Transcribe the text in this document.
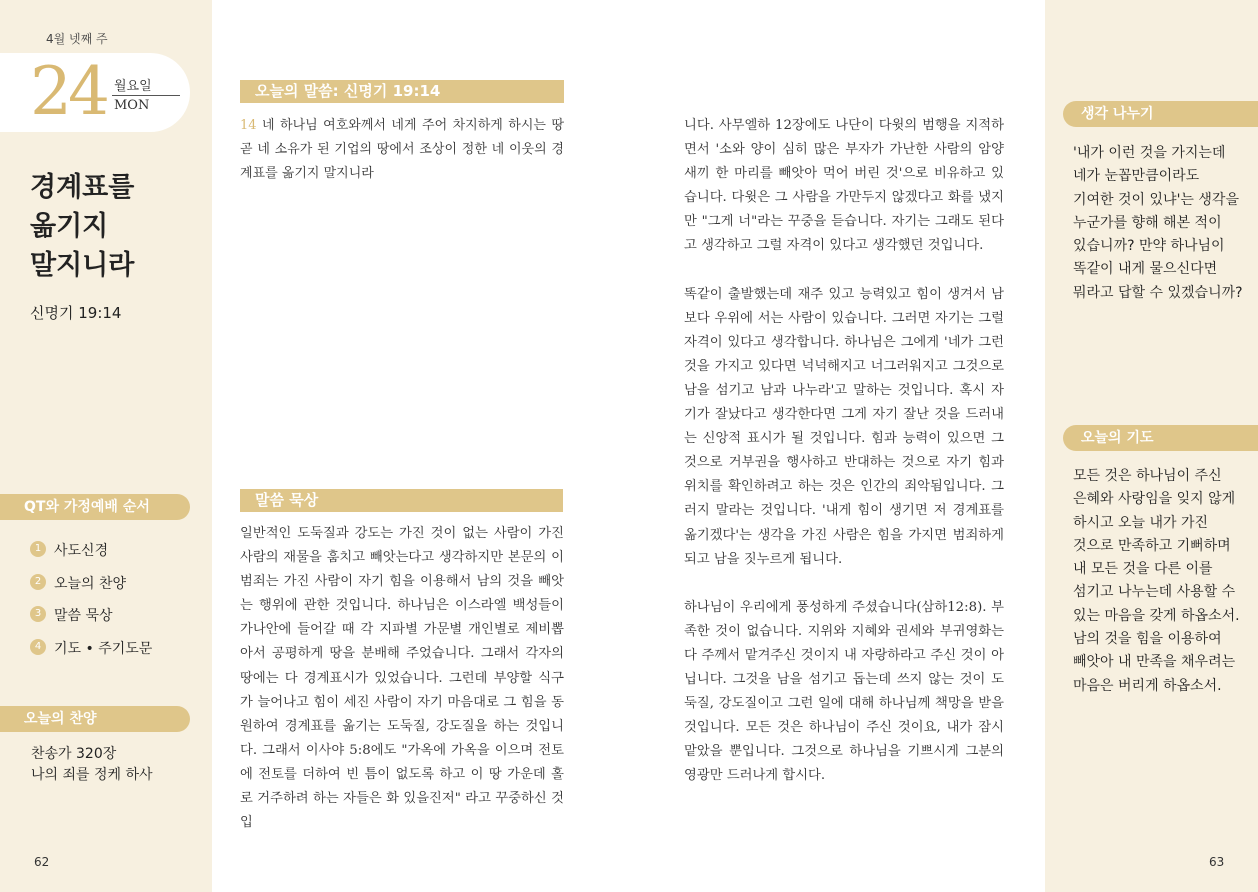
4월 넷째 주
24 월요일
MON
경계표를
옮기지
말지니라
신명기 19:14
QT와 가정예배 순서
1 사도신경
2 오늘의 찬양
3 말씀 묵상
4 기도 • 주기도문
오늘의 찬양
찬송가 320장
나의 죄를 정케 하사
62
오늘의 말씀: 신명기 19:14
14 네 하나님 여호와께서 네게 주어 차지하게 하시는 땅 곧 네 소유가 된 기업의 땅에서 조상이 정한 네 이웃의 경계표를 옮기지 말지니라
말씀 묵상

일반적인 도둑질과 강도는 가진 것이 없는 사람이 가진 사람의 재물을 훔치고 빼앗는다고 생각하지만 본문의 이 범죄는 가진 사람이 자기 힘을 이용해서 남의 것을 빼앗는 행위에 관한 것입니다. 하나님은 이스라엘 백성들이 가나안에 들어갈 때 각 지파별 가문별 개인별로 제비뽑아서 공평하게 땅을 분배해 주었습니다. 그래서 각자의 땅에는 다 경계표시가 있었습니다. 그런데 부양할 식구가 늘어나고 힘이 세진 사람이 자기 마음대로 그 힘을 동원하여 경계표를 옮기는 도둑질, 강도질을 하는 것입니다. 그래서 이사야 5:8에도 "가옥에 가옥을 이으며 전토에 전토를 더하여 빈 틈이 없도록 하고 이 땅 가운데 홀로 거주하려 하는 자들은 화 있을진저" 라고 꾸중하신 것입

니다. 사무엘하 12장에도 나단이 다윗의 범행을 지적하면서 '소와 양이 심히 많은 부자가 가난한 사람의 암양 새끼 한 마리를 빼앗아 먹어 버린 것'으로 비유하고 있습니다. 다윗은 그 사람을 가만두지 않겠다고 화를 냈지만 "그게 너"라는 꾸중을 듣습니다. 자기는 그래도 된다고 생각하고 그럴 자격이 있다고 생각했던 것입니다.

똑같이 출발했는데 재주 있고 능력있고 힘이 생겨서 남보다 우위에 서는 사람이 있습니다. 그러면 자기는 그럴 자격이 있다고 생각합니다. 하나님은 그에게 '네가 그런 것을 가지고 있다면 넉넉해지고 너그러워지고 그것으로 남을 섬기고 남과 나누라'고 말하는 것입니다. 혹시 자기가 잘났다고 생각한다면 그게 자기 잘난 것을 드러내는 신앙적 표시가 될 것입니다. 힘과 능력이 있으면 그것으로 거부권을 행사하고 반대하는 것으로 자기 힘과 위치를 확인하려고 하는 것은 인간의 죄악됨입니다. 그러지 말라는 것입니다. '내게 힘이 생기면 저 경계표를 옮기겠다'는 생각을 가진 사람은 힘을 가지면 범죄하게 되고 남을 짓누르게 됩니다.

하나님이 우리에게 풍성하게 주셨습니다(삼하12:8). 부족한 것이 없습니다. 지위와 지혜와 권세와 부귀영화는 다 주께서 맡겨주신 것이지 내 자랑하라고 주신 것이 아닙니다. 그것을 남을 섬기고 돕는데 쓰지 않는 것이 도둑질, 강도질이고 그런 일에 대해 하나님께 책망을 받을 것입니다. 모든 것은 하나님이 주신 것이요, 내가 잠시 맡았을 뿐입니다. 그것으로 하나님을 기쁘시게 그분의 영광만 드러나게 합시다.

생각 나누기
'내가 이런 것을 가지는데
네가 눈꼽만큼이라도
기여한 것이 있냐'는 생각을
누군가를 향해 해본 적이
있습니까? 만약 하나님이
똑같이 내게 물으신다면
뭐라고 답할 수 있겠습니까?
오늘의 기도
모든 것은 하나님이 주신
은혜와 사랑임을 잊지 않게
하시고 오늘 내가 가진
것으로 만족하고 기뻐하며
내 모든 것을 다른 이를
섬기고 나누는데 사용할 수
있는 마음을 갖게 하옵소서.
남의 것을 힘을 이용하여
빼앗아 내 만족을 채우려는
마음은 버리게 하옵소서.
63
